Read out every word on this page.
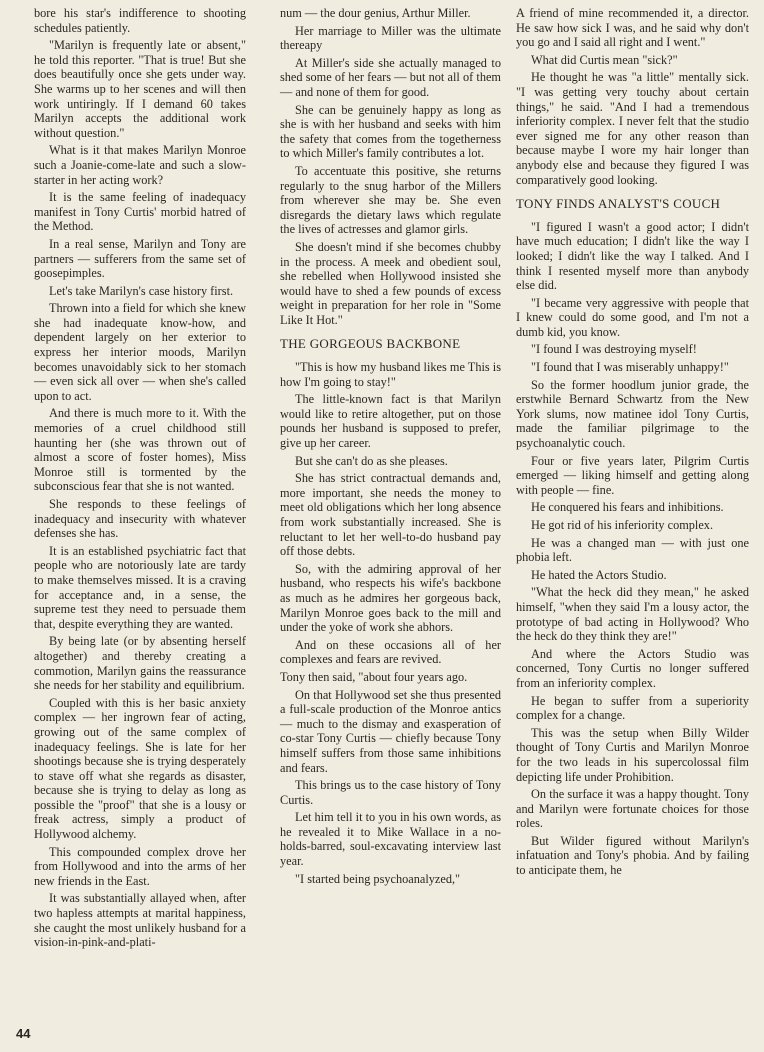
bore his star's indifference to shooting schedules patiently.

"Marilyn is frequently late or absent," he told this reporter. "That is true! But she does beautifully once she gets under way. She warms up to her scenes and will then work untiringly. If I demand 60 takes Marilyn accepts the additional work without question."

What is it that makes Marilyn Monroe such a Joanie-come-late and such a slow-starter in her acting work?

It is the same feeling of inadequacy manifest in Tony Curtis' morbid hatred of the Method.

In a real sense, Marilyn and Tony are partners — sufferers from the same set of goosepimples.

Let's take Marilyn's case history first.

Thrown into a field for which she knew she had inadequate know-how, and dependent largely on her exterior to express her interior moods, Marilyn becomes unavoidably sick to her stomach — even sick all over — when she's called upon to act.

And there is much more to it. With the memories of a cruel childhood still haunting her (she was thrown out of almost a score of foster homes), Miss Monroe still is tormented by the subconscious fear that she is not wanted.

She responds to these feelings of inadequacy and insecurity with whatever defenses she has.

It is an established psychiatric fact that people who are notoriously late are tardy to make themselves missed. It is a craving for acceptance and, in a sense, the supreme test they need to persuade them that, despite everything they are wanted.

By being late (or by absenting herself altogether) and thereby creating a commotion, Marilyn gains the reassurance she needs for her stability and equilibrium.

Coupled with this is her basic anxiety complex — her ingrown fear of acting, growing out of the same complex of inadequacy feelings. She is late for her shootings because she is trying desperately to stave off what she regards as disaster, because she is trying to delay as long as possible the "proof" that she is a lousy or freak actress, simply a product of Hollywood alchemy.

This compounded complex drove her from Hollywood and into the arms of her new friends in the East.

It was substantially allayed when, after two hapless attempts at marital happiness, she caught the most unlikely husband for a vision-in-pink-and-plati-

num — the dour genius, Arthur Miller.

Her marriage to Miller was the ultimate thereapy

At Miller's side she actually managed to shed some of her fears — but not all of them — and none of them for good.

She can be genuinely happy as long as she is with her husband and seeks with him the safety that comes from the togetherness to which Miller's family contributes a lot.

To accentuate this positive, she returns regularly to the snug harbor of the Millers from wherever she may be. She even disregards the dietary laws which regulate the lives of actresses and glamor girls.

She doesn't mind if she becomes chubby in the process. A meek and obedient soul, she rebelled when Hollywood insisted she would have to shed a few pounds of excess weight in preparation for her role in "Some Like It Hot."

THE GORGEOUS BACKBONE

"This is how my husband likes me This is how I'm going to stay!"

The little-known fact is that Marilyn would like to retire altogether, put on those pounds her husband is supposed to prefer, give up her career.

But she can't do as she pleases.

She has strict contractual demands and, more important, she needs the money to meet old obligations which her long absence from work substantially increased. She is reluctant to let her well-to-do husband pay off those debts.

So, with the admiring approval of her husband, who respects his wife's backbone as much as he admires her gorgeous back, Marilyn Monroe goes back to the mill and under the yoke of work she abhors.

And on these occasions all of her complexes and fears are revived.

Tony then said, "about four years ago.

On that Hollywood set she thus presented a full-scale production of the Monroe antics — much to the dismay and exasperation of co-star Tony Curtis — chiefly because Tony himself suffers from those same inhibitions and fears.

This brings us to the case history of Tony Curtis.

Let him tell it to you in his own words, as he revealed it to Mike Wallace in a no-holds-barred, soul-excavating interview last year.

"I started being psychoanalyzed,"

A friend of mine recommended it, a director. He saw how sick I was, and he said why don't you go and I said all right and I went."

What did Curtis mean "sick?"

He thought he was "a little" mentally sick. "I was getting very touchy about certain things," he said. "And I had a tremendous inferiority complex. I never felt that the studio ever signed me for any other reason than because maybe I wore my hair longer than anybody else and because they figured I was comparatively good looking.

TONY FINDS ANALYST'S COUCH

"I figured I wasn't a good actor; I didn't have much education; I didn't like the way I looked; I didn't like the way I talked. And I think I resented myself more than anybody else did.

"I became very aggressive with people that I knew could do some good, and I'm not a dumb kid, you know.

"I found I was destroying myself!

"I found that I was miserably unhappy!"

So the former hoodlum junior grade, the erstwhile Bernard Schwartz from the New York slums, now matinee idol Tony Curtis, made the familiar pilgrimage to the psychoanalytic couch.

Four or five years later, Pilgrim Curtis emerged — liking himself and getting along with people — fine.

He conquered his fears and inhibitions.

He got rid of his inferiority complex.

He was a changed man — with just one phobia left.

He hated the Actors Studio.

"What the heck did they mean," he asked himself, "when they said I'm a lousy actor, the prototype of bad acting in Hollywood? Who the heck do they think they are!"

And where the Actors Studio was concerned, Tony Curtis no longer suffered from an inferiority complex.

He began to suffer from a superiority complex for a change.

This was the setup when Billy Wilder thought of Tony Curtis and Marilyn Monroe for the two leads in his supercolossal film depicting life under Prohibition.

On the surface it was a happy thought. Tony and Marilyn were fortunate choices for those roles.

But Wilder figured without Marilyn's infatuation and Tony's phobia. And by failing to anticipate them, he

44
